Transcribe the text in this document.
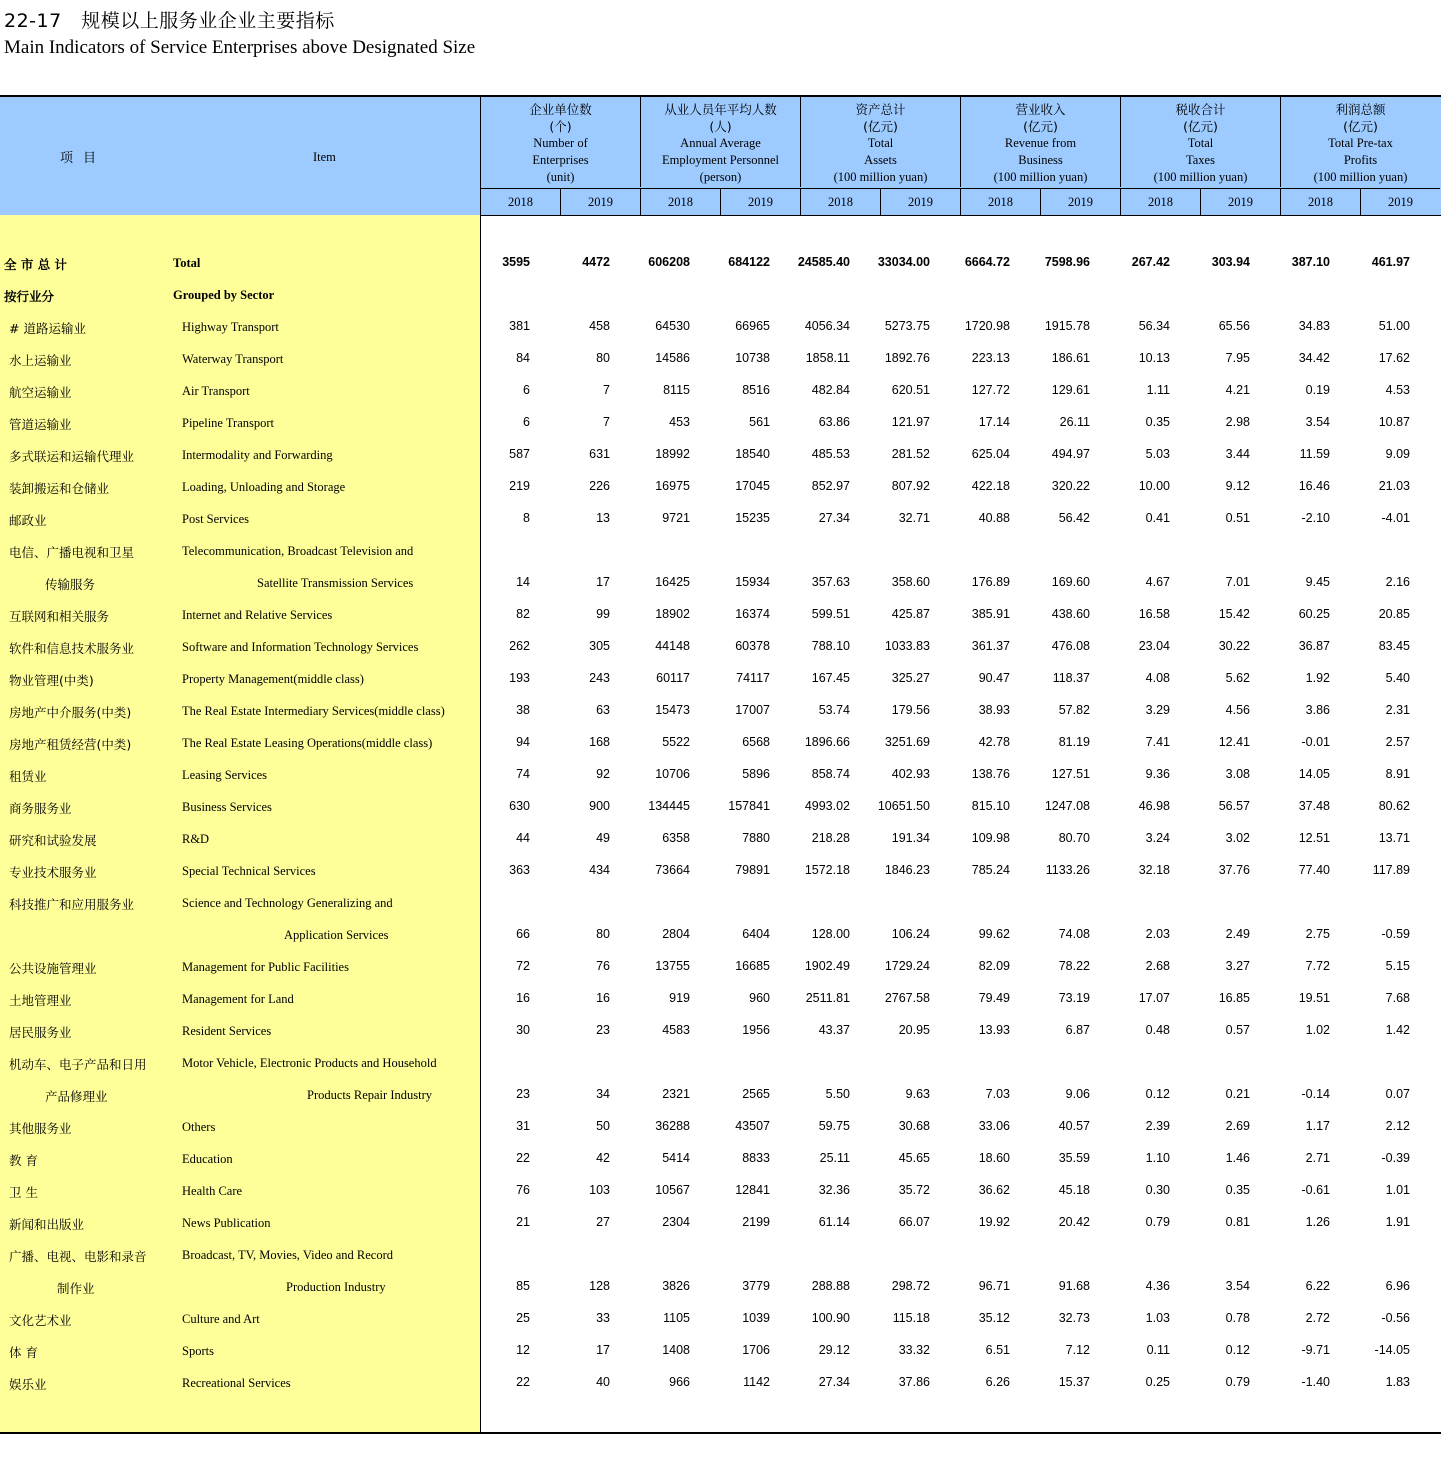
22-17　规模以上服务业企业主要指标
Main Indicators of Service Enterprises above Designated Size
项目	Item
企业单位数
(个)
Number of
Enterprises
(unit)
2018	2019
从业人员年平均人数
(人)
Annual Average
Employment Personnel
(person)
2018	2019
资产总计
(亿元)
Total
Assets
(100 million yuan)
2018	2019
营业收入
(亿元)
Revenue from
Business
(100 million yuan)
2018	2019
税收合计
(亿元)
Total
Taxes
(100 million yuan)
2018	2019
利润总额
(亿元)
Total Pre-tax
Profits
(100 million yuan)
2018	2019
全 市 总 计	Total	3595	4472	606208	684122	24585.40	33034.00	6664.72	7598.96	267.42	303.94	387.10	461.97
按行业分	Grouped by Sector
# 道路运输业	Highway Transport	381	458	64530	66965	4056.34	5273.75	1720.98	1915.78	56.34	65.56	34.83	51.00
水上运输业	Waterway Transport	84	80	14586	10738	1858.11	1892.76	223.13	186.61	10.13	7.95	34.42	17.62
航空运输业	Air Transport	6	7	8115	8516	482.84	620.51	127.72	129.61	1.11	4.21	0.19	4.53
管道运输业	Pipeline Transport	6	7	453	561	63.86	121.97	17.14	26.11	0.35	2.98	3.54	10.87
多式联运和运输代理业	Intermodality and Forwarding	587	631	18992	18540	485.53	281.52	625.04	494.97	5.03	3.44	11.59	9.09
装卸搬运和仓储业	Loading, Unloading and Storage	219	226	16975	17045	852.97	807.92	422.18	320.22	10.00	9.12	16.46	21.03
邮政业	Post Services	8	13	9721	15235	27.34	32.71	40.88	56.42	0.41	0.51	-2.10	-4.01
电信、广播电视和卫星	Telecommunication, Broadcast Television and
传输服务	Satellite Transmission Services	14	17	16425	15934	357.63	358.60	176.89	169.60	4.67	7.01	9.45	2.16
互联网和相关服务	Internet and Relative Services	82	99	18902	16374	599.51	425.87	385.91	438.60	16.58	15.42	60.25	20.85
软件和信息技术服务业	Software and Information Technology Services	262	305	44148	60378	788.10	1033.83	361.37	476.08	23.04	30.22	36.87	83.45
物业管理(中类)	Property Management(middle class)	193	243	60117	74117	167.45	325.27	90.47	118.37	4.08	5.62	1.92	5.40
房地产中介服务(中类)	The Real Estate Intermediary Services(middle class)	38	63	15473	17007	53.74	179.56	38.93	57.82	3.29	4.56	3.86	2.31
房地产租赁经营(中类)	The Real Estate Leasing Operations(middle class)	94	168	5522	6568	1896.66	3251.69	42.78	81.19	7.41	12.41	-0.01	2.57
租赁业	Leasing Services	74	92	10706	5896	858.74	402.93	138.76	127.51	9.36	3.08	14.05	8.91
商务服务业	Business Services	630	900	134445	157841	4993.02	10651.50	815.10	1247.08	46.98	56.57	37.48	80.62
研究和试验发展	R&D	44	49	6358	7880	218.28	191.34	109.98	80.70	3.24	3.02	12.51	13.71
专业技术服务业	Special Technical Services	363	434	73664	79891	1572.18	1846.23	785.24	1133.26	32.18	37.76	77.40	117.89
科技推广和应用服务业	Science and Technology Generalizing and
Application Services	66	80	2804	6404	128.00	106.24	99.62	74.08	2.03	2.49	2.75	-0.59
公共设施管理业	Management for Public Facilities	72	76	13755	16685	1902.49	1729.24	82.09	78.22	2.68	3.27	7.72	5.15
土地管理业	Management for Land	16	16	919	960	2511.81	2767.58	79.49	73.19	17.07	16.85	19.51	7.68
居民服务业	Resident Services	30	23	4583	1956	43.37	20.95	13.93	6.87	0.48	0.57	1.02	1.42
机动车、电子产品和日用	Motor Vehicle, Electronic Products and Household
产品修理业	Products Repair Industry	23	34	2321	2565	5.50	9.63	7.03	9.06	0.12	0.21	-0.14	0.07
其他服务业	Others	31	50	36288	43507	59.75	30.68	33.06	40.57	2.39	2.69	1.17	2.12
教 育	Education	22	42	5414	8833	25.11	45.65	18.60	35.59	1.10	1.46	2.71	-0.39
卫 生	Health Care	76	103	10567	12841	32.36	35.72	36.62	45.18	0.30	0.35	-0.61	1.01
新闻和出版业	News Publication	21	27	2304	2199	61.14	66.07	19.92	20.42	0.79	0.81	1.26	1.91
广播、电视、电影和录音	Broadcast, TV, Movies, Video and Record
制作业	Production Industry	85	128	3826	3779	288.88	298.72	96.71	91.68	4.36	3.54	6.22	6.96
文化艺术业	Culture and Art	25	33	1105	1039	100.90	115.18	35.12	32.73	1.03	0.78	2.72	-0.56
体 育	Sports	12	17	1408	1706	29.12	33.32	6.51	7.12	0.11	0.12	-9.71	-14.05
娱乐业	Recreational Services	22	40	966	1142	27.34	37.86	6.26	15.37	0.25	0.79	-1.40	1.83
